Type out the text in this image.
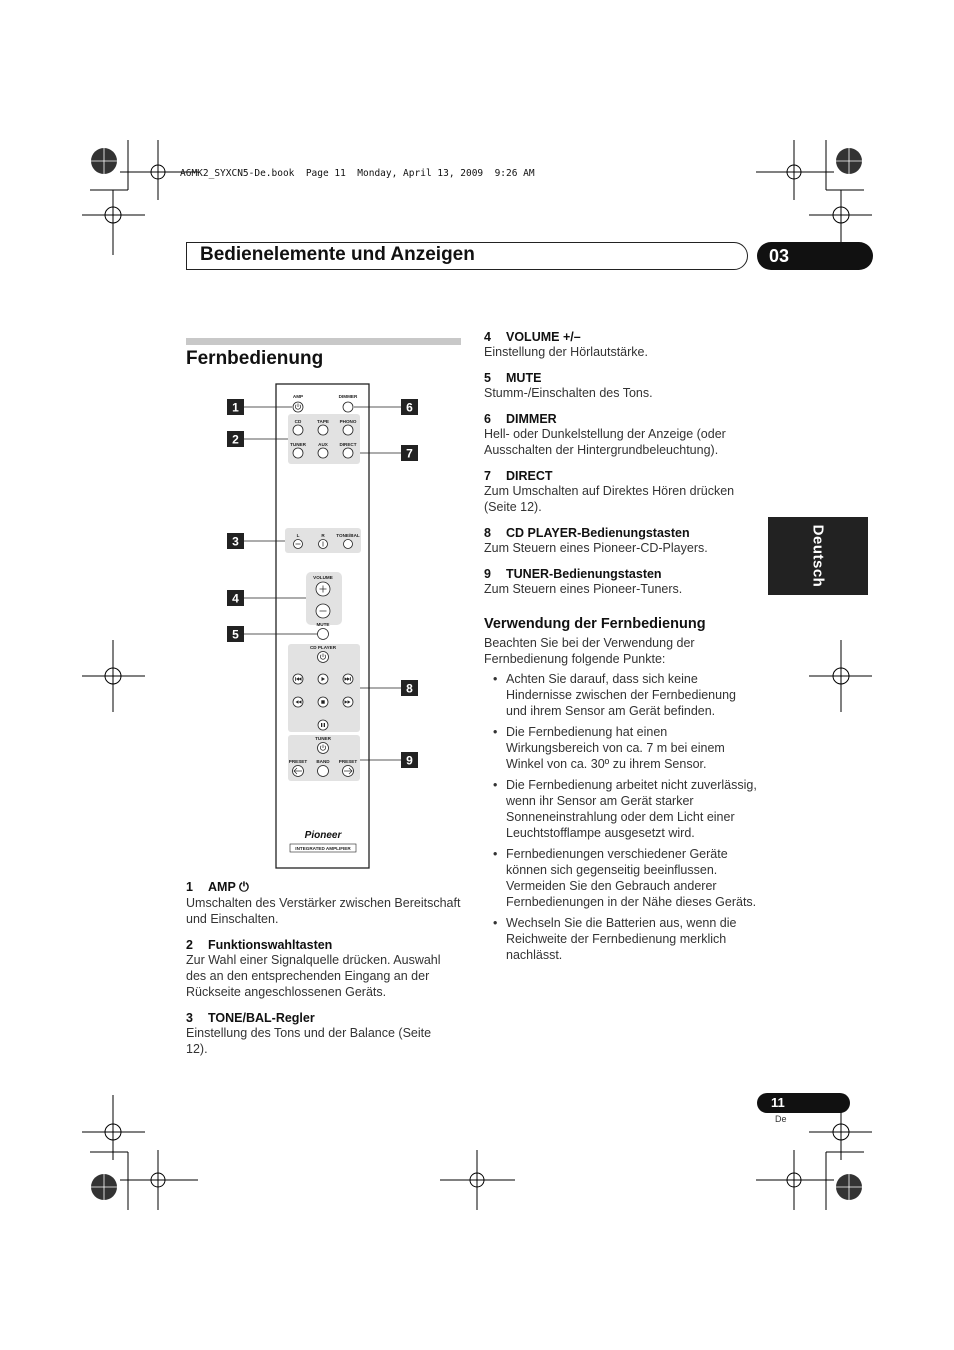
A6MK2_SYXCN5-De.book  Page 11  Monday, April 13, 2009  9:26 AM
Bedienelemente und Anzeigen	03
Fernbedienung
Deutsch
AMP	DIMMER
CD	TAPE PHONO
TUNER	AUX	DIRECT
L	R	TONE/BAL
VOLUME
MUTE
CD PLAYER
TUNER
PRESET BAND PRESET
Pioneer
INTEGRATED AMPLIFIER
1
2
3
4
5
6
7
8
9
1 AMP ⏻
Umschalten des Verstärker zwischen Bereitschaft und Einschalten.
2 Funktionswahltasten
Zur Wahl einer Signalquelle drücken. Auswahl des an den entsprechenden Eingang an der Rückseite angeschlossenen Geräts.
3 TONE/BAL-Regler
Einstellung des Tons und der Balance (Seite 12).
4 VOLUME +/–
Einstellung der Hörlautstärke.
5 MUTE
Stumm-/Einschalten des Tons.
6 DIMMER
Hell- oder Dunkelstellung der Anzeige (oder Ausschalten der Hintergrundbeleuchtung).
7 DIRECT
Zum Umschalten auf Direktes Hören drücken (Seite 12).
8 CD PLAYER-Bedienungstasten
Zum Steuern eines Pioneer-CD-Players.
9 TUNER-Bedienungstasten
Zum Steuern eines Pioneer-Tuners.
Verwendung der Fernbedienung
Beachten Sie bei der Verwendung der Fernbedienung folgende Punkte:
• Achten Sie darauf, dass sich keine Hindernisse zwischen der Fernbedienung und ihrem Sensor am Gerät befinden.
• Die Fernbedienung hat einen Wirkungsbereich von ca. 7 m bei einem Winkel von ca. 30º zu ihrem Sensor.
• Die Fernbedienung arbeitet nicht zuverlässig, wenn ihr Sensor am Gerät starker Sonneneinstrahlung oder dem Licht einer Leuchtstofflampe ausgesetzt wird.
• Fernbedienungen verschiedener Geräte können sich gegenseitig beeinflussen. Vermeiden Sie den Gebrauch anderer Fernbedienungen in der Nähe dieses Geräts.
• Wechseln Sie die Batterien aus, wenn die Reichweite der Fernbedienung merklich nachlässt.
11
De
